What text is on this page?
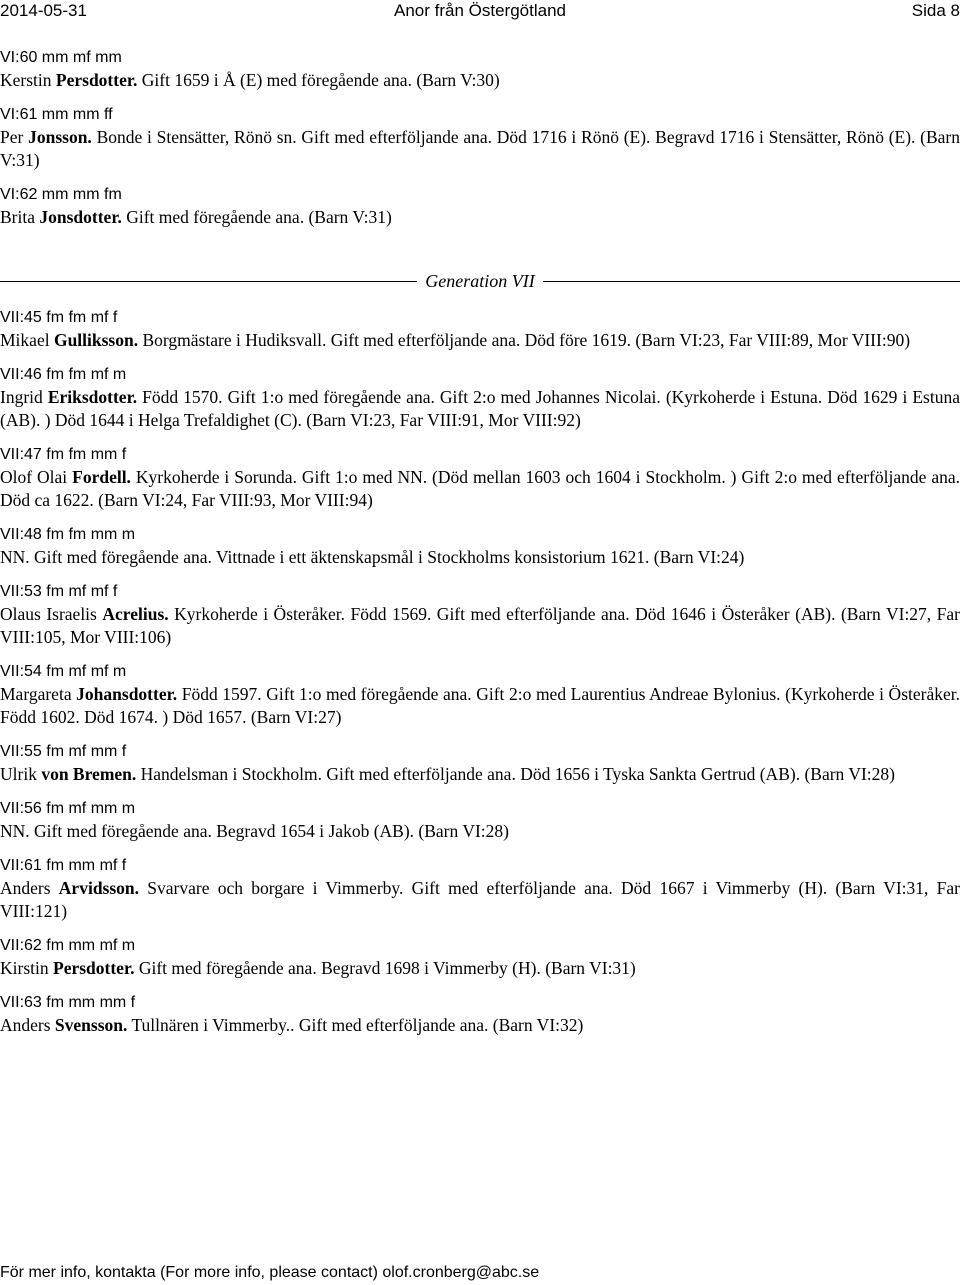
2014-05-31	Anor från Östergötland	Sida 8
VI:60 mm mf mm
Kerstin Persdotter. Gift 1659 i Å (E) med föregående ana. (Barn V:30)
VI:61 mm mm ff
Per Jonsson. Bonde i Stensätter, Rönö sn. Gift med efterföljande ana. Död 1716 i Rönö (E). Begravd 1716 i Stensätter, Rönö (E). (Barn V:31)
VI:62 mm mm fm
Brita Jonsdotter. Gift med föregående ana. (Barn V:31)
Generation VII
VII:45 fm fm mf f
Mikael Gulliksson. Borgmästare i Hudiksvall. Gift med efterföljande ana. Död före 1619. (Barn VI:23, Far VIII:89, Mor VIII:90)
VII:46 fm fm mf m
Ingrid Eriksdotter. Född 1570. Gift 1:o med föregående ana. Gift 2:o med Johannes Nicolai. (Kyrkoherde i Estuna. Död 1629 i Estuna (AB). ) Död 1644 i Helga Trefaldighet (C). (Barn VI:23, Far VIII:91, Mor VIII:92)
VII:47 fm fm mm f
Olof Olai Fordell. Kyrkoherde i Sorunda. Gift 1:o med NN. (Död mellan 1603 och 1604 i Stockholm. ) Gift 2:o med efterföljande ana. Död ca 1622. (Barn VI:24, Far VIII:93, Mor VIII:94)
VII:48 fm fm mm m
NN. Gift med föregående ana. Vittnade i ett äktenskapsmål i Stockholms konsistorium 1621. (Barn VI:24)
VII:53 fm mf mf f
Olaus Israelis Acrelius. Kyrkoherde i Österåker. Född 1569. Gift med efterföljande ana. Död 1646 i Österåker (AB). (Barn VI:27, Far VIII:105, Mor VIII:106)
VII:54 fm mf mf m
Margareta Johansdotter. Född 1597. Gift 1:o med föregående ana. Gift 2:o med Laurentius Andreae Bylonius. (Kyrkoherde i Österåker. Född 1602. Död 1674. ) Död 1657. (Barn VI:27)
VII:55 fm mf mm f
Ulrik von Bremen. Handelsman i Stockholm. Gift med efterföljande ana. Död 1656 i Tyska Sankta Gertrud (AB). (Barn VI:28)
VII:56 fm mf mm m
NN. Gift med föregående ana. Begravd 1654 i Jakob (AB). (Barn VI:28)
VII:61 fm mm mf f
Anders Arvidsson. Svarvare och borgare i Vimmerby. Gift med efterföljande ana. Död 1667 i Vimmerby (H). (Barn VI:31, Far VIII:121)
VII:62 fm mm mf m
Kirstin Persdotter. Gift med föregående ana. Begravd 1698 i Vimmerby (H). (Barn VI:31)
VII:63 fm mm mm f
Anders Svensson. Tullnären i Vimmerby.. Gift med efterföljande ana. (Barn VI:32)
För mer info, kontakta (For more info, please contact) olof.cronberg@abc.se
